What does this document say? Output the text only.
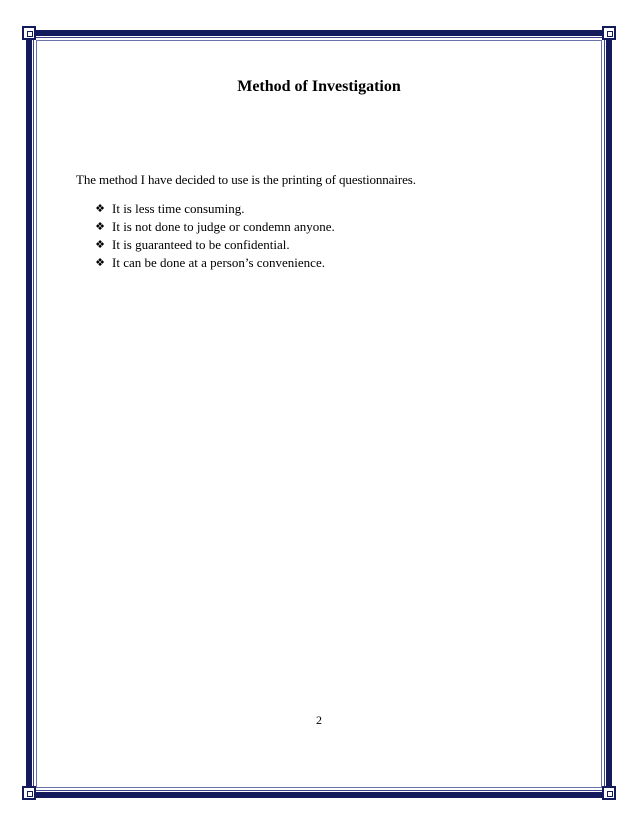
Method of Investigation
The method I have decided to use is the printing of questionnaires.
❖ It is less time consuming.
❖ It is not done to judge or condemn anyone.
❖ It is guaranteed to be confidential.
❖ It can be done at a person’s convenience.
2
